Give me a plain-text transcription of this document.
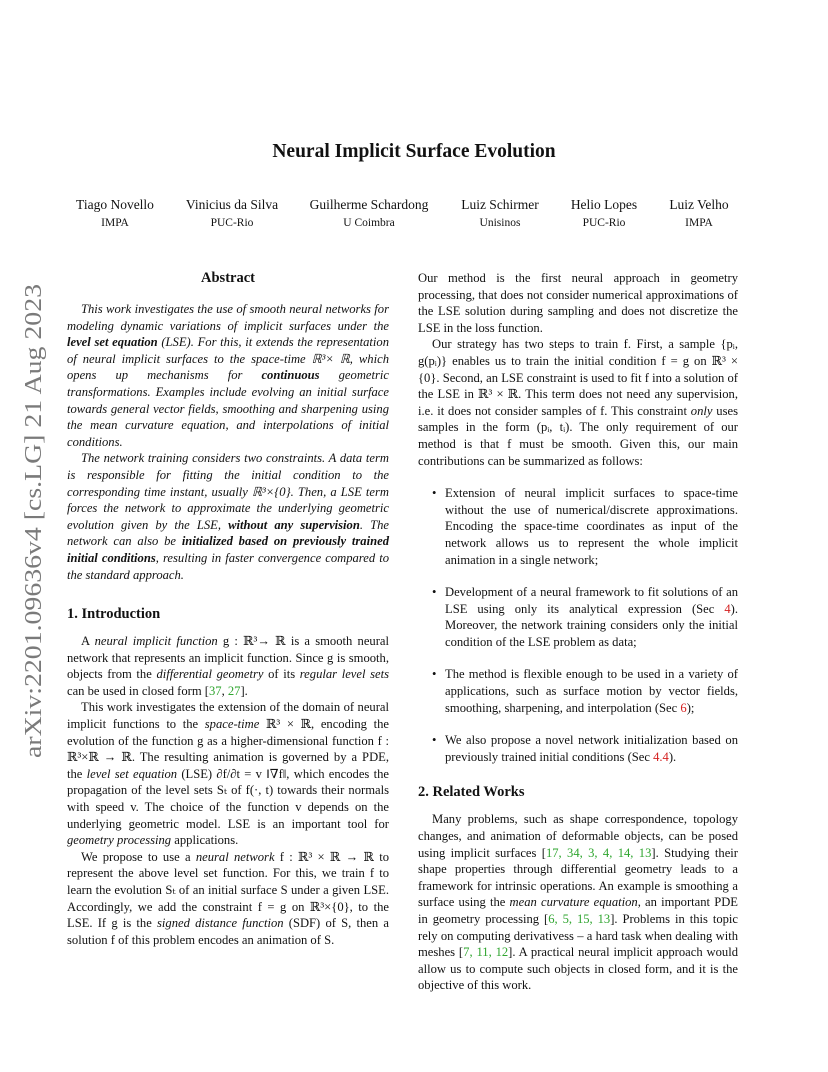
arXiv:2201.09636v4 [cs.LG] 21 Aug 2023
Neural Implicit Surface Evolution
Tiago Novello
IMPA
Vinicius da Silva
PUC-Rio
Guilherme Schardong
U Coimbra
Luiz Schirmer
Unisinos
Helio Lopes
PUC-Rio
Luiz Velho
IMPA
Abstract

This work investigates the use of smooth neural networks for modeling dynamic variations of implicit surfaces under the level set equation (LSE). For this, it extends the representation of neural implicit surfaces to the space-time ℝ³× ℝ, which opens up mechanisms for continuous geometric transformations. Examples include evolving an initial surface towards general vector fields, smoothing and sharpening using the mean curvature equation, and interpolations of initial conditions.

The network training considers two constraints. A data term is responsible for fitting the initial condition to the corresponding time instant, usually ℝ³×{0}. Then, a LSE term forces the network to approximate the underlying geometric evolution given by the LSE, without any supervision. The network can also be initialized based on previously trained initial conditions, resulting in faster convergence compared to the standard approach.

1. Introduction

A neural implicit function g : ℝ³→ ℝ is a smooth neural network that represents an implicit function. Since g is smooth, objects from the differential geometry of its regular level sets can be used in closed form [37, 27].

This work investigates the extension of the domain of neural implicit functions to the space-time ℝ³ × ℝ, encoding the evolution of the function g as a higher-dimensional function f : ℝ³×ℝ → ℝ. The resulting animation is governed by a PDE, the level set equation (LSE) ∂f/∂t = v ‖∇f‖, which encodes the propagation of the level sets Sₜ of f(·, t) towards their normals with speed v. The choice of the function v depends on the underlying geometric model. LSE is an important tool for geometry processing applications.

We propose to use a neural network f : ℝ³ × ℝ → ℝ to represent the above level set function. For this, we train f to learn the evolution Sₜ of an initial surface S under a given LSE. Accordingly, we add the constraint f = g on ℝ³×{0}, to the LSE. If g is the signed distance function (SDF) of S, then a solution f of this problem encodes an animation of S.

Our method is the first neural approach in geometry processing, that does not consider numerical approximations of the LSE solution during sampling and does not discretize the LSE in the loss function.

Our strategy has two steps to train f. First, a sample {pᵢ, g(pᵢ)} enables us to train the initial condition f = g on ℝ³ × {0}. Second, an LSE constraint is used to fit f into a solution of the LSE in ℝ³ × ℝ. This term does not need any supervision, i.e. it does not consider samples of f. This constraint only uses samples in the form (pᵢ, tᵢ). The only requirement of our method is that f must be smooth. Given this, our main contributions can be summarized as follows:

• Extension of neural implicit surfaces to space-time without the use of numerical/discrete approximations. Encoding the space-time coordinates as input of the network allows us to represent the whole implicit animation in a single network;
• Development of a neural framework to fit solutions of an LSE using only its analytical expression (Sec 4). Moreover, the network training considers only the initial condition of the LSE problem as data;
• The method is flexible enough to be used in a variety of applications, such as surface motion by vector fields, smoothing, sharpening, and interpolation (Sec 6);
• We also propose a novel network initialization based on previously trained initial conditions (Sec 4.4).
2. Related Works

Many problems, such as shape correspondence, topology changes, and animation of deformable objects, can be posed using implicit surfaces [17, 34, 3, 4, 14, 13]. Studying their shape properties through differential geometry leads to a framework for intrinsic operations. An example is smoothing a surface using the mean curvature equation, an important PDE in geometry processing [6, 5, 15, 13]. Problems in this topic rely on computing derivativess – a hard task when dealing with meshes [7, 11, 12]. A practical neural implicit approach would allow us to compute such objects in closed form, and it is the objective of this work.
